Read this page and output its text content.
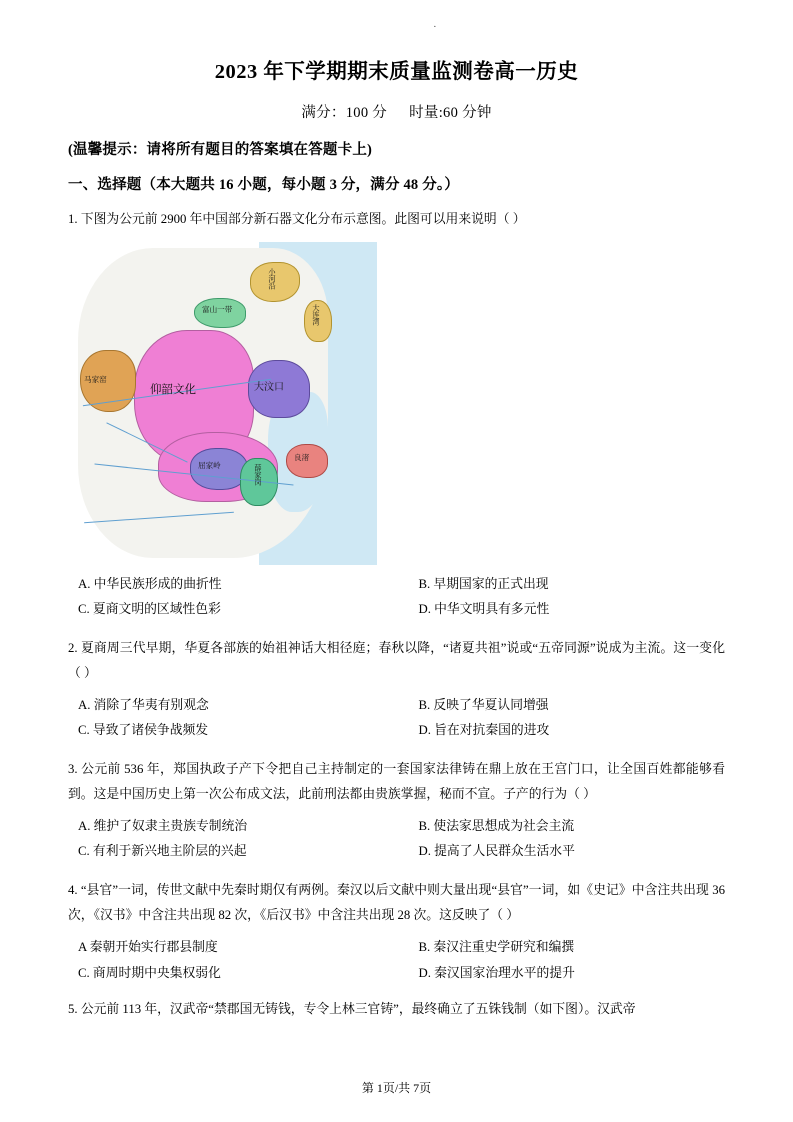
·
2023 年下学期期末质量监测卷高一历史
满分：100 分 时量:60 分钟
(温馨提示：请将所有题目的答案填在答题卡上)
一、选择题（本大题共 16 小题，每小题 3 分，满分 48 分。）
1. 下图为公元前 2900 年中国部分新石器文化分布示意图。此图可以用来说明（ ）
仰韶文化
马家窑
大汶口
小河沿
富山一带	大连湾
屈家岭	薛家岗
良渚
A. 中华民族形成的曲折性	B. 早期国家的正式出现
C. 夏商文明的区域性色彩	D. 中华文明具有多元性
2. 夏商周三代早期，华夏各部族的始祖神话大相径庭；春秋以降，“诸夏共祖”说或“五帝同源”说成为主流。这一变化（ ）
A. 消除了华夷有别观念	B. 反映了华夏认同增强
C. 导致了诸侯争战频发	D. 旨在对抗秦国的进攻
3. 公元前 536 年，郑国执政子产下令把自己主持制定的一套国家法律铸在鼎上放在王宫门口，让全国百姓都能够看到。这是中国历史上第一次公布成文法，此前刑法都由贵族掌握，秘而不宣。子产的行为（ ）
A. 维护了奴隶主贵族专制统治	B. 使法家思想成为社会主流
C. 有利于新兴地主阶层的兴起	D. 提高了人民群众生活水平
4. “县官”一词，传世文献中先秦时期仅有两例。秦汉以后文献中则大量出现“县官”一词，如《史记》中含注共出现 36 次，《汉书》中含注共出现 82 次，《后汉书》中含注共出现 28 次。这反映了（ ）
A 秦朝开始实行郡县制度	B. 秦汉注重史学研究和编撰
C. 商周时期中央集权弱化	D. 秦汉国家治理水平的提升
5. 公元前 113 年，汉武帝“禁郡国无铸钱，专令上林三官铸”，最终确立了五铢钱制（如下图）。汉武帝
第 1页/共 7页
